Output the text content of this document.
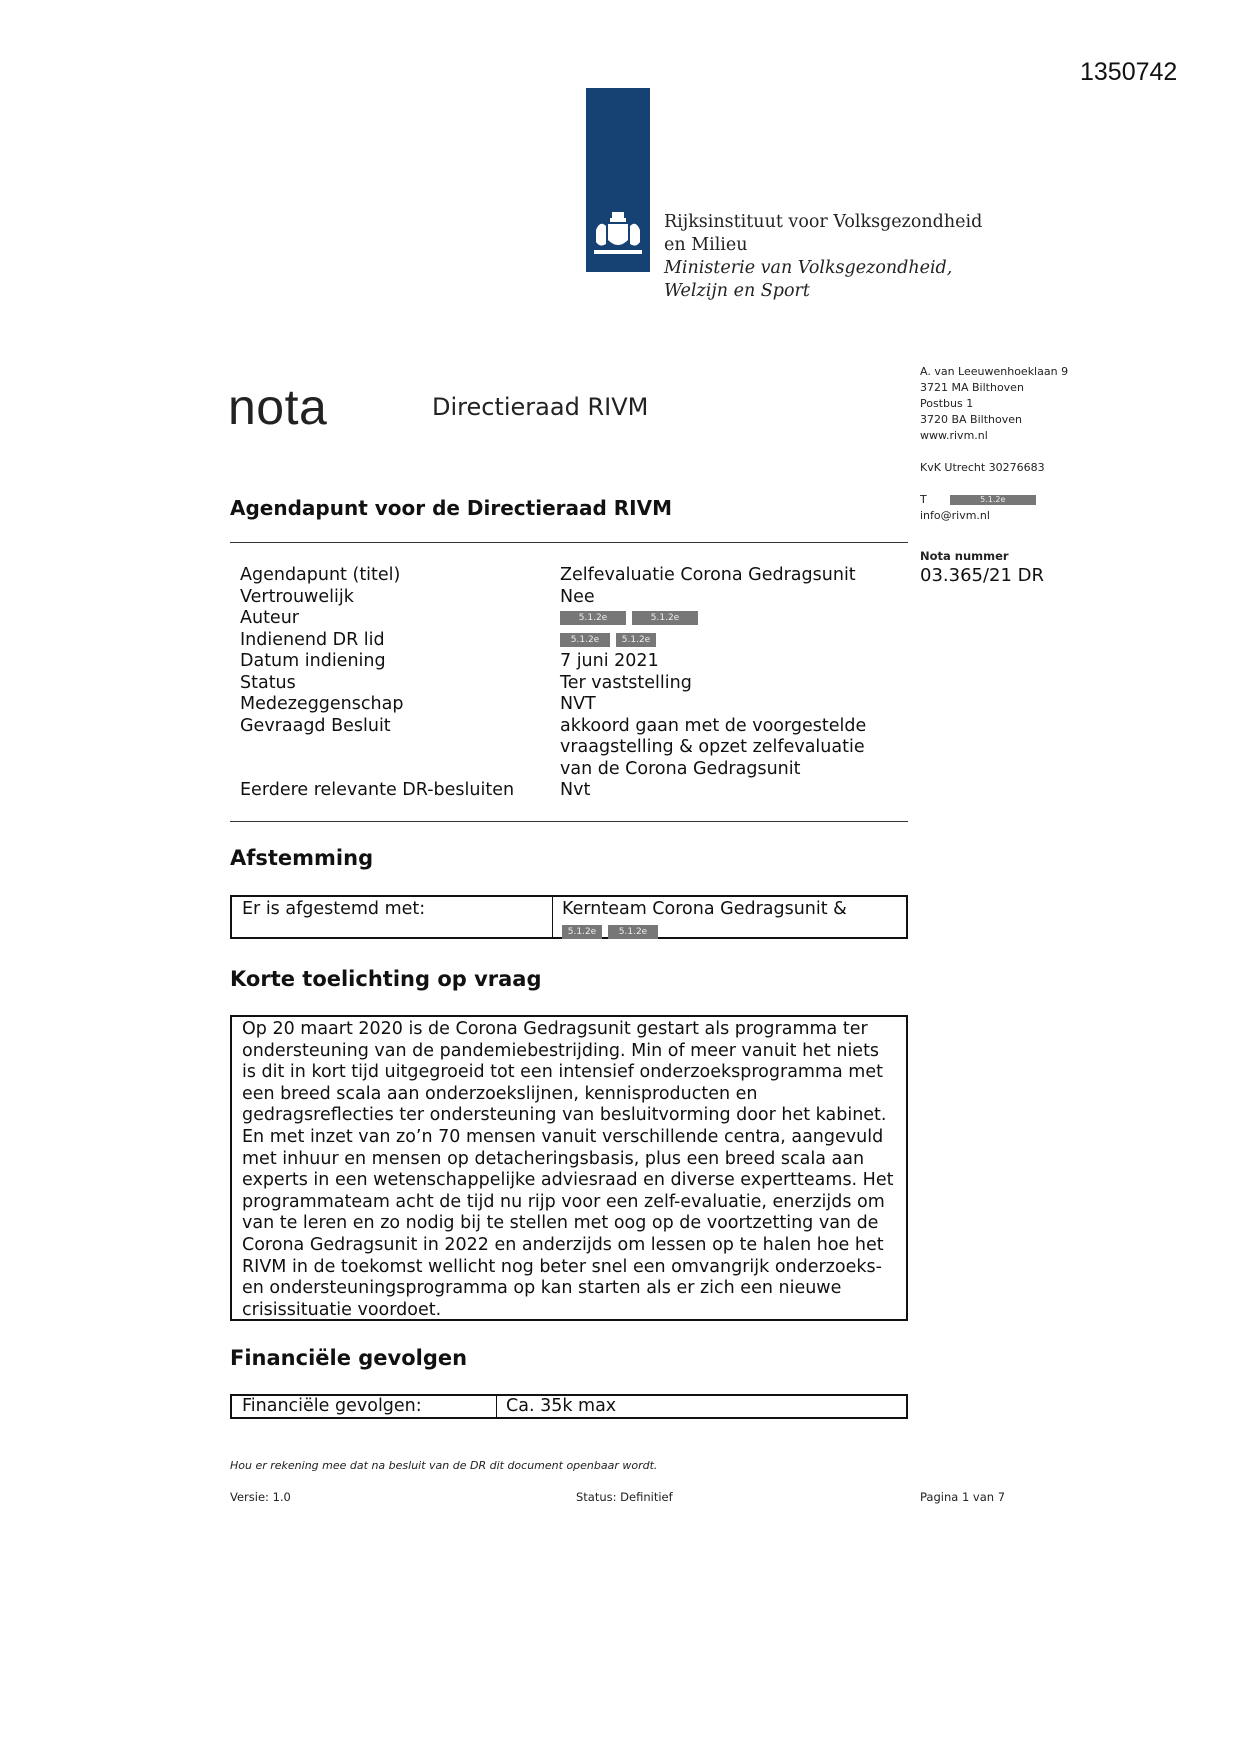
1350742
Rijksinstituut voor Volksgezondheid
en Milieu
Ministerie van Volksgezondheid,
Welzijn en Sport
nota	Directieraad RIVM
A. van Leeuwenhoeklaan 9
3721 MA Bilthoven
Postbus 1
3720 BA Bilthoven
www.rivm.nl
KvK Utrecht 30276683
T	5.1.2e
info@rivm.nl
Nota nummer
03.365/21 DR
Agendapunt voor de Directieraad RIVM
Agendapunt (titel)	Zelfevaluatie Corona Gedragsunit
Vertrouwelijk	Nee
Auteur	5.1.2e	5.1.2e
Indienend DR lid	5.1.2e	5.1.2e
Datum indiening	7 juni 2021
Status	Ter vaststelling
Medezeggenschap	NVT
Gevraagd Besluit	akkoord gaan met de voorgestelde vraagstelling & opzet zelfevaluatie van de Corona Gedragsunit
Eerdere relevante DR-besluiten	Nvt
Afstemming
Er is afgestemd met:	Kernteam Corona Gedragsunit &
5.1.2e	5.1.2e
Korte toelichting op vraag
Op 20 maart 2020 is de Corona Gedragsunit gestart als programma ter ondersteuning van de pandemiebestrijding. Min of meer vanuit het niets is dit in kort tijd uitgegroeid tot een intensief onderzoeksprogramma met een breed scala aan onderzoekslijnen, kennisproducten en gedragsreflecties ter ondersteuning van besluitvorming door het kabinet. En met inzet van zo’n 70 mensen vanuit verschillende centra, aangevuld met inhuur en mensen op detacheringsbasis, plus een breed scala aan experts in een wetenschappelijke adviesraad en diverse expertteams. Het programmateam acht de tijd nu rijp voor een zelf-evaluatie, enerzijds om van te leren en zo nodig bij te stellen met oog op de voortzetting van de Corona Gedragsunit in 2022 en anderzijds om lessen op te halen hoe het RIVM in de toekomst wellicht nog beter snel een omvangrijk onderzoeks- en ondersteuningsprogramma op kan starten als er zich een nieuwe crisissituatie voordoet.
Financiële gevolgen
Financiële gevolgen:	Ca. 35k max
Hou er rekening mee dat na besluit van de DR dit document openbaar wordt.
Versie: 1.0	Status: Definitief	Pagina 1 van 7
